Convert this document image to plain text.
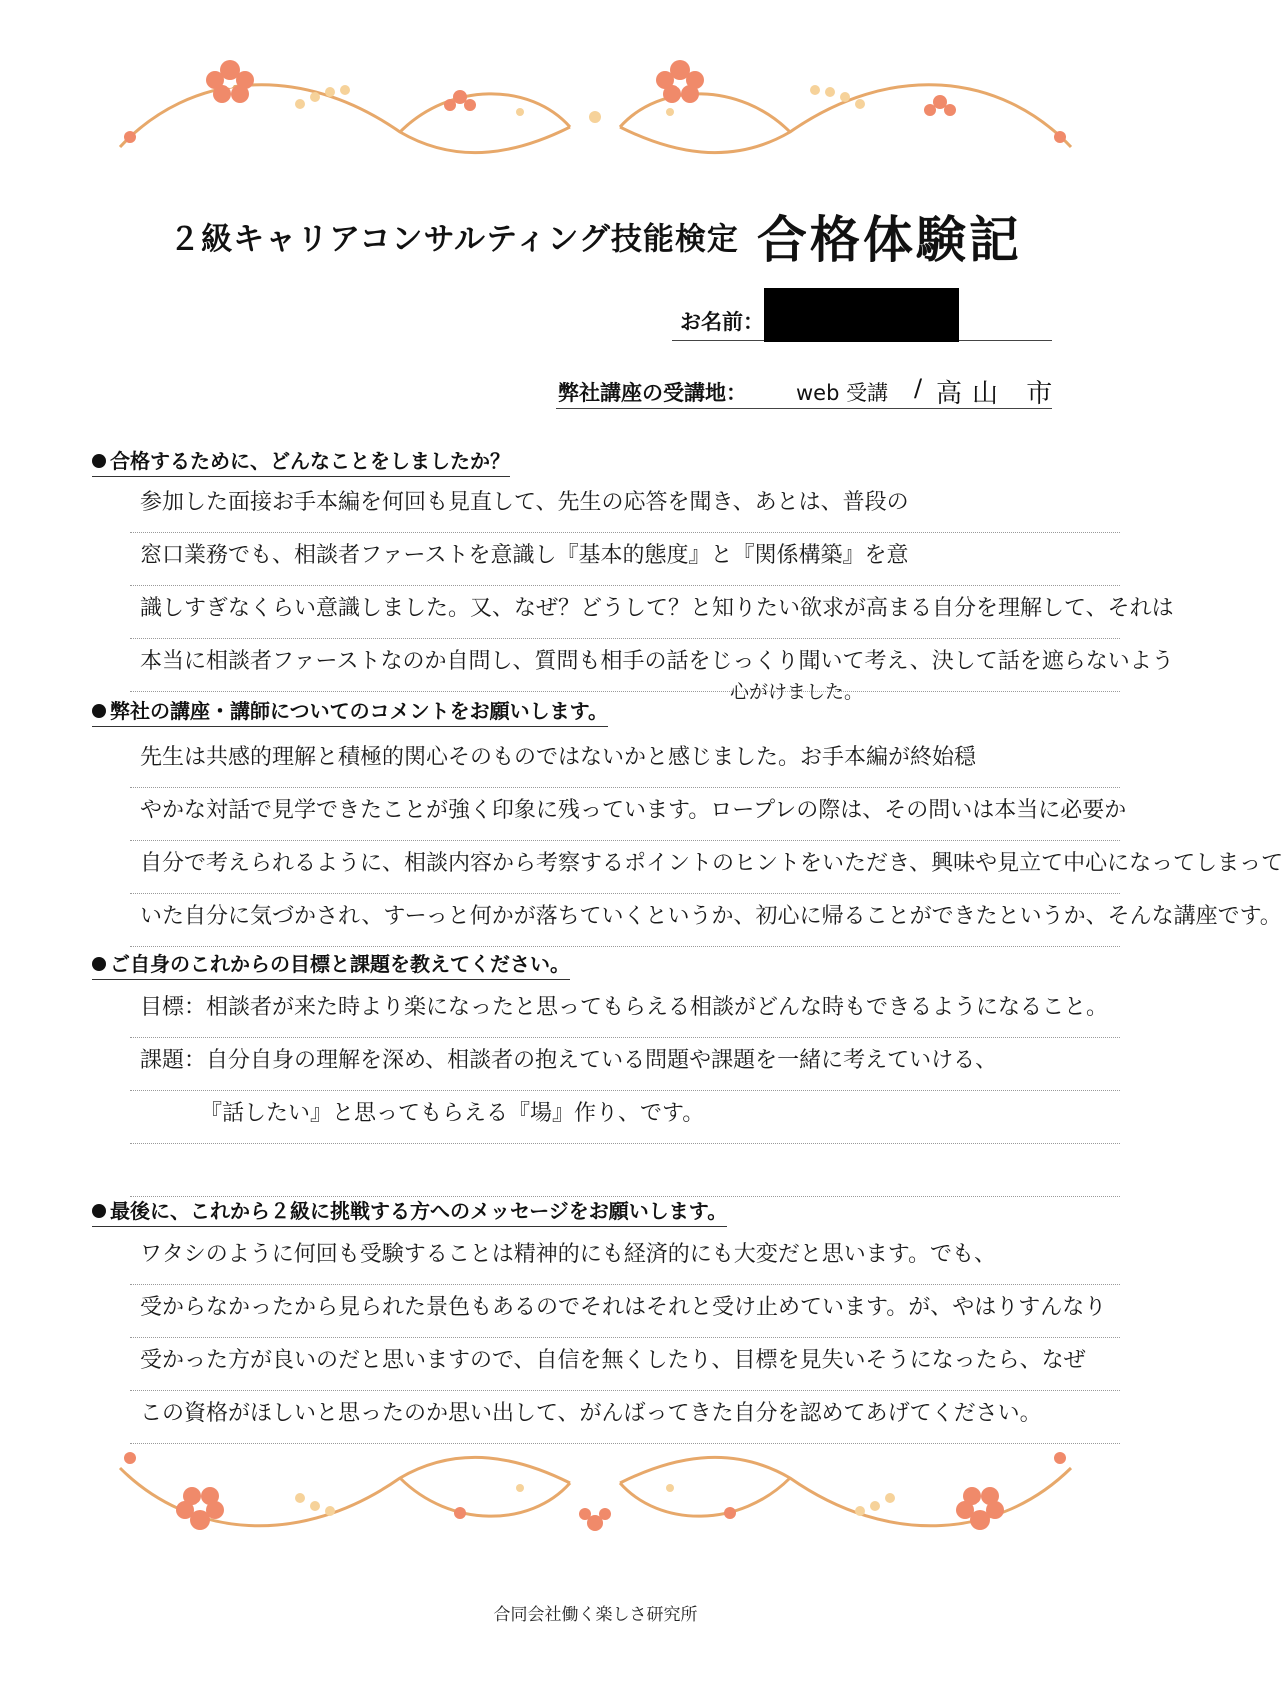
２級キャリアコンサルティング技能検定 合格体験記
お名前：
弊社講座の受講地： web 受講 / 高山 市
合格するために、どんなことをしましたか？
参加した面接お手本編を何回も見直して、先生の応答を聞き、あとは、普段の
窓口業務でも、相談者ファーストを意識し『基本的態度』と『関係構築』を意
識しすぎなくらい意識しました。又、なぜ？どうして？と知りたい欲求が高まる自分を理解して、それは
本当に相談者ファーストなのか自問し、質問も相手の話をじっくり聞いて考え、決して話を遮らないよう
心がけました。
弊社の講座・講師についてのコメントをお願いします。
先生は共感的理解と積極的関心そのものではないかと感じました。お手本編が終始穏
やかな対話で見学できたことが強く印象に残っています。ロープレの際は、その問いは本当に必要か
自分で考えられるように、相談内容から考察するポイントのヒントをいただき、興味や見立て中心になってしまって
いた自分に気づかされ、すーっと何かが落ちていくというか、初心に帰ることができたというか、そんな講座です。
ご自身のこれからの目標と課題を教えてください。
目標：相談者が来た時より楽になったと思ってもらえる相談がどんな時もできるようになること。
課題：自分自身の理解を深め、相談者の抱えている問題や課題を一緒に考えていける、
『話したい』と思ってもらえる『場』作り、です。
最後に、これから２級に挑戦する方へのメッセージをお願いします。
ワタシのように何回も受験することは精神的にも経済的にも大変だと思います。でも、
受からなかったから見られた景色もあるのでそれはそれと受け止めています。が、やはりすんなり
受かった方が良いのだと思いますので、自信を無くしたり、目標を見失いそうになったら、なぜ
この資格がほしいと思ったのか思い出して、がんばってきた自分を認めてあげてください。
合同会社働く楽しさ研究所
